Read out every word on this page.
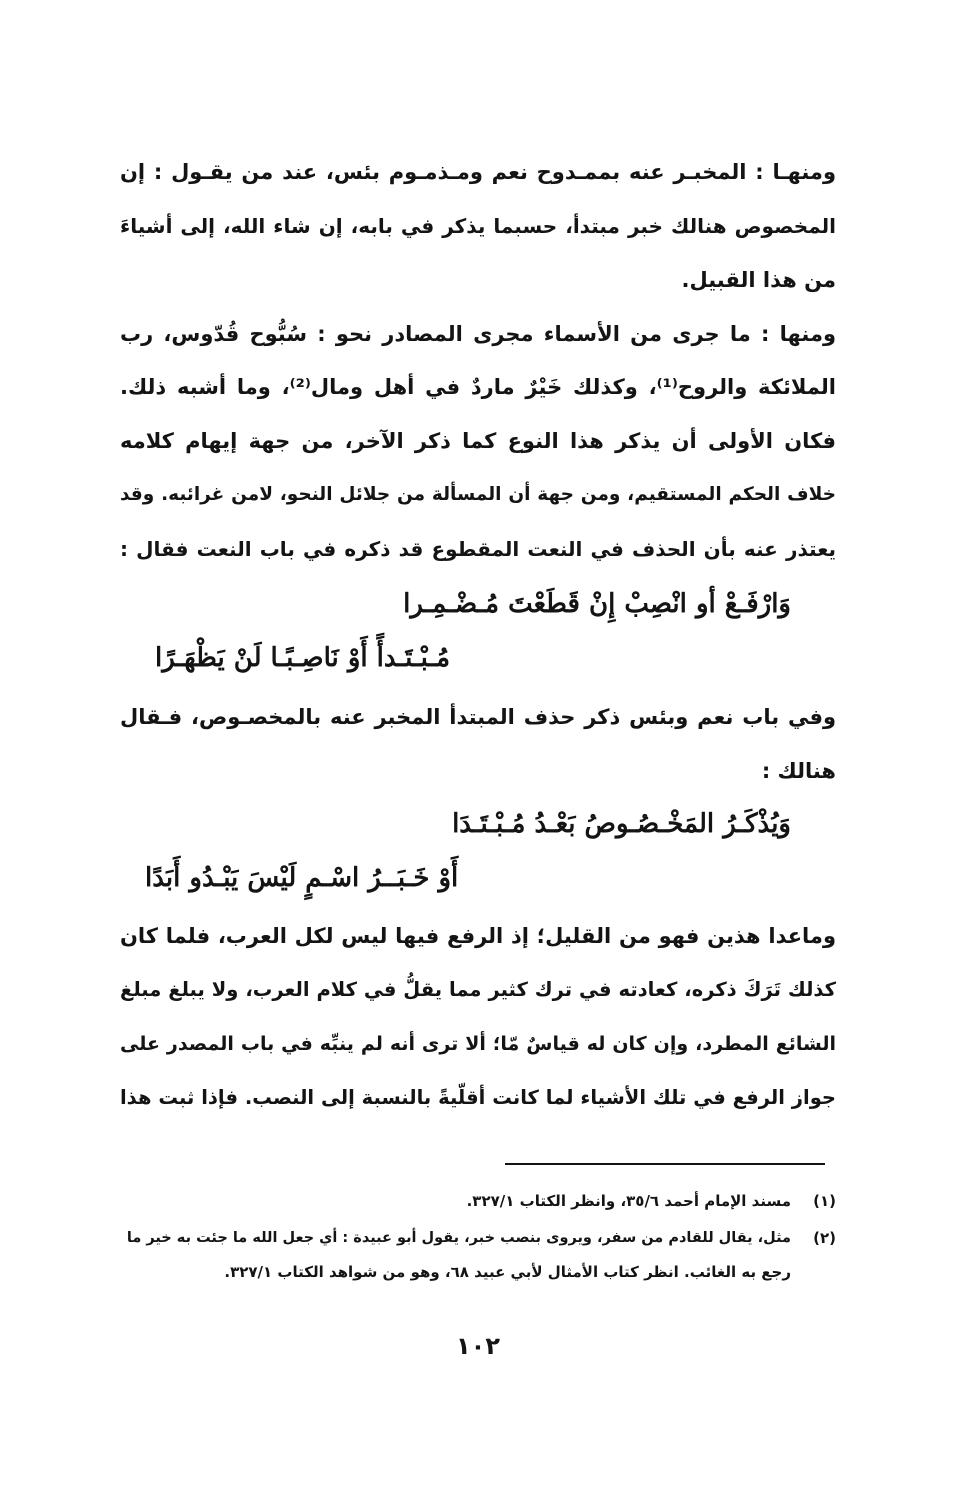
ومنهـا : المخبـر عنه بممـدوح نعم ومـذمـوم بئس، عند من يقـول : إن
المخصوص هنالك خبر مبتدأ، حسبما يذكر في بابه، إن شاء الله، إلى أشياءَ
من هذا القبيل.
ومنها : ما جرى من الأسماء مجرى المصادر نحو : سُبُّوح قُدّوس، رب
الملائكة والروح⁽¹⁾، وكذلك خَيْرٌ ماردٌ في أهل ومال⁽²⁾، وما أشبه ذلك.
فكان الأولى أن يذكر هذا النوع كما ذكر الآخر، من جهة إيهام كلامه
خلاف الحكم المستقيم، ومن جهة أن المسألة من جلائل النحو، لامن غرائبه. وقد
يعتذر عنه بأن الحذف في النعت المقطوع قد ذكره في باب النعت فقال :
وَارْفَـعْ أو انْصِبْ إِنْ قَطَعْتَ مُـضْـمِـرا
مُـبْـتَـدأً أَوْ نَاصِـبًـا لَنْ يَظْهَـرًا
وفي باب نعم وبئس ذكر حذف المبتدأ المخبر عنه بالمخصـوص، فـقال
هنالك :
وَيُذْكَـرُ المَخْـصُـوصُ بَعْـدُ مُـبْـتَـدَا
أَوْ خَـبَــرُ اسْـمٍ لَيْسَ يَبْـدُو أَبَدًا
وماعدا هذين فهو من القليل؛ إذ الرفع فيها ليس لكل العرب، فلما كان
كذلك تَرَكَ ذكره، كعادته في ترك كثير مما يقلُّ في كلام العرب، ولا يبلغ مبلغ
الشائع المطرد، وإن كان له قياسٌ مّا؛ ألا ترى أنه لم ينبِّه في باب المصدر على
جواز الرفع في تلك الأشياء لما كانت أقلّيةً بالنسبة إلى النصب. فإذا ثبت هذا
(١)
مسند الإمام أحمد ٣٥/٦، وانظر الكتاب ٣٢٧/١.
(٢)
مثل، يقال للقادم من سفر، ويروى بنصب خبر، يقول أبو عبيدة : أي جعل الله ما جئت به خير ما
رجع به الغائب. انظر كتاب الأمثال لأبي عبيد ٦٨، وهو من شواهد الكتاب ٣٢٧/١.
١٠٢
